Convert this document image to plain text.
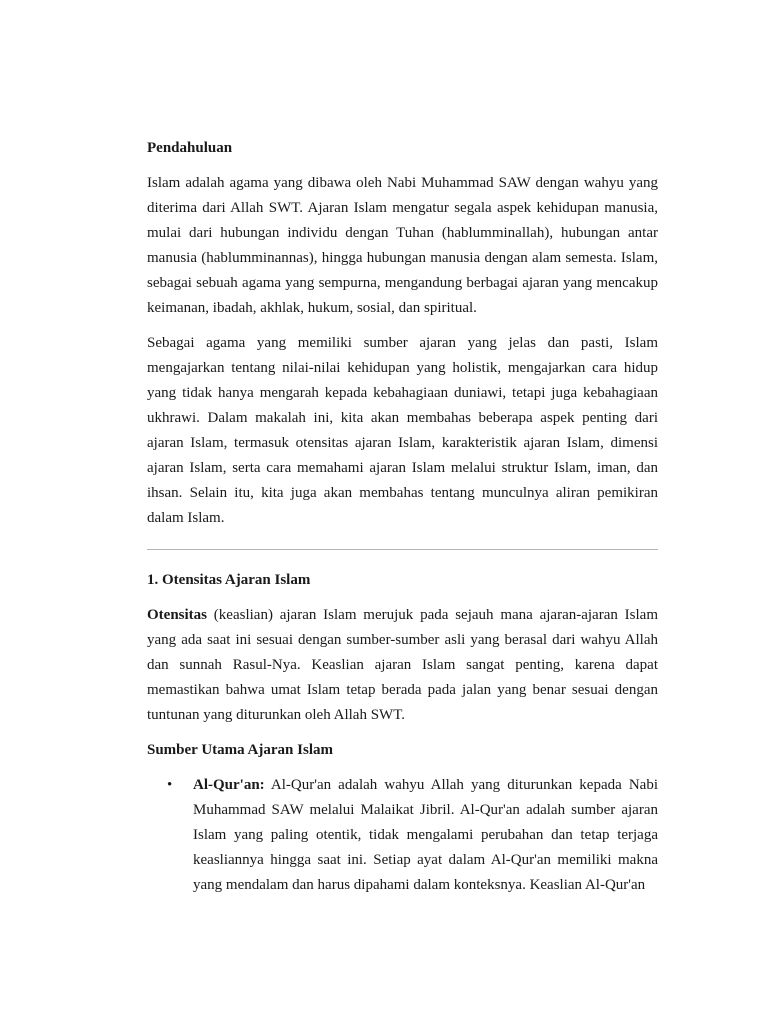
Pendahuluan

Islam adalah agama yang dibawa oleh Nabi Muhammad SAW dengan wahyu yang diterima dari Allah SWT. Ajaran Islam mengatur segala aspek kehidupan manusia, mulai dari hubungan individu dengan Tuhan (hablumminallah), hubungan antar manusia (hablumminannas), hingga hubungan manusia dengan alam semesta. Islam, sebagai sebuah agama yang sempurna, mengandung berbagai ajaran yang mencakup keimanan, ibadah, akhlak, hukum, sosial, dan spiritual.

Sebagai agama yang memiliki sumber ajaran yang jelas dan pasti, Islam mengajarkan tentang nilai-nilai kehidupan yang holistik, mengajarkan cara hidup yang tidak hanya mengarah kepada kebahagiaan duniawi, tetapi juga kebahagiaan ukhrawi. Dalam makalah ini, kita akan membahas beberapa aspek penting dari ajaran Islam, termasuk otensitas ajaran Islam, karakteristik ajaran Islam, dimensi ajaran Islam, serta cara memahami ajaran Islam melalui struktur Islam, iman, dan ihsan. Selain itu, kita juga akan membahas tentang munculnya aliran pemikiran dalam Islam.

1. Otensitas Ajaran Islam

Otensitas (keaslian) ajaran Islam merujuk pada sejauh mana ajaran-ajaran Islam yang ada saat ini sesuai dengan sumber-sumber asli yang berasal dari wahyu Allah dan sunnah Rasul-Nya. Keaslian ajaran Islam sangat penting, karena dapat memastikan bahwa umat Islam tetap berada pada jalan yang benar sesuai dengan tuntunan yang diturunkan oleh Allah SWT.

Sumber Utama Ajaran Islam
• Al-Qur'an: Al-Qur'an adalah wahyu Allah yang diturunkan kepada Nabi Muhammad SAW melalui Malaikat Jibril. Al-Qur'an adalah sumber ajaran Islam yang paling otentik, tidak mengalami perubahan dan tetap terjaga keasliannya hingga saat ini. Setiap ayat dalam Al-Qur'an memiliki makna yang mendalam dan harus dipahami dalam konteksnya. Keaslian Al-Qur'an
